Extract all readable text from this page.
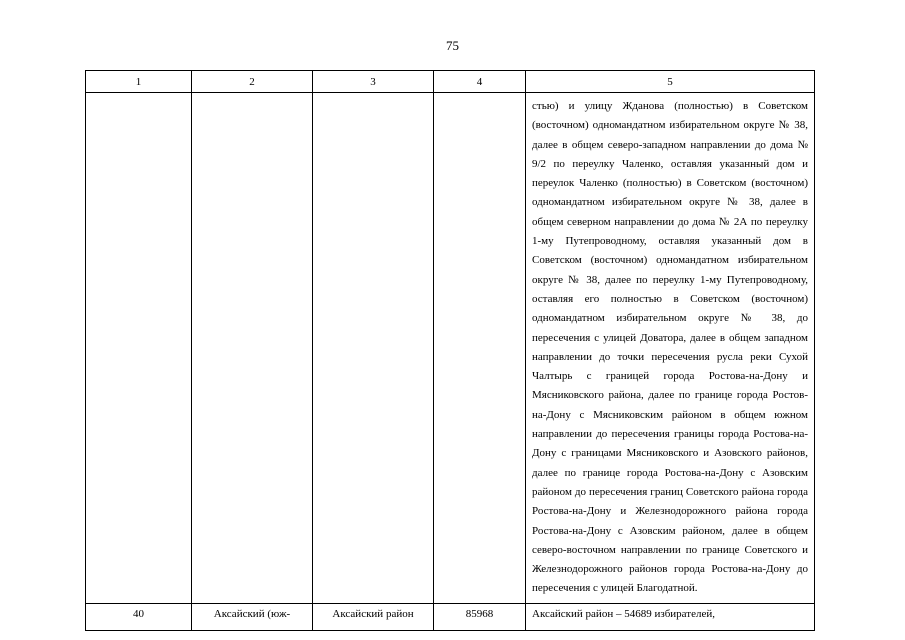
75
1	2	3	4	5

				стью) и улицу Жданова (полностью) в Советском (восточном) одномандатном избирательном округе № 38, далее в общем северо-западном направлении до дома № 9/2 по переулку Чаленко, оставляя указанный дом и переулок Чаленко (полностью) в Советском (восточном) одномандатном избирательном округе № 38, далее в общем северном направлении до дома № 2А по переулку 1-му Путепроводному, оставляя указанный дом в Советском (восточном) одномандатном избирательном округе № 38, далее по переулку 1-му Путепроводному, оставляя его полностью в Советском (восточном) одномандатном избирательном округе № 38, до пересечения с улицей Доватора, далее в общем западном направлении до точки пересечения русла реки Сухой Чалтырь с границей города Ростова-на-Дону и Мясниковского района, далее по границе города Ростов-на-Дону с Мясниковским районом в общем южном направлении до пересечения границы города Ростова-на-Дону с границами Мясниковского и Азовского районов, далее по границе города Ростова-на-Дону с Азовским районом до пересечения границ Советского района города Ростова-на-Дону и Железнодорожного района города Ростова-на-Дону с Азовским районом, далее в общем северо-восточном направлении по границе Советского и Железнодорожного районов города Ростова-на-Дону до пересечения с улицей Благодатной.

40	Аксайский (юж-	Аксайский район	85968	Аксайский район – 54689 избирателей,
